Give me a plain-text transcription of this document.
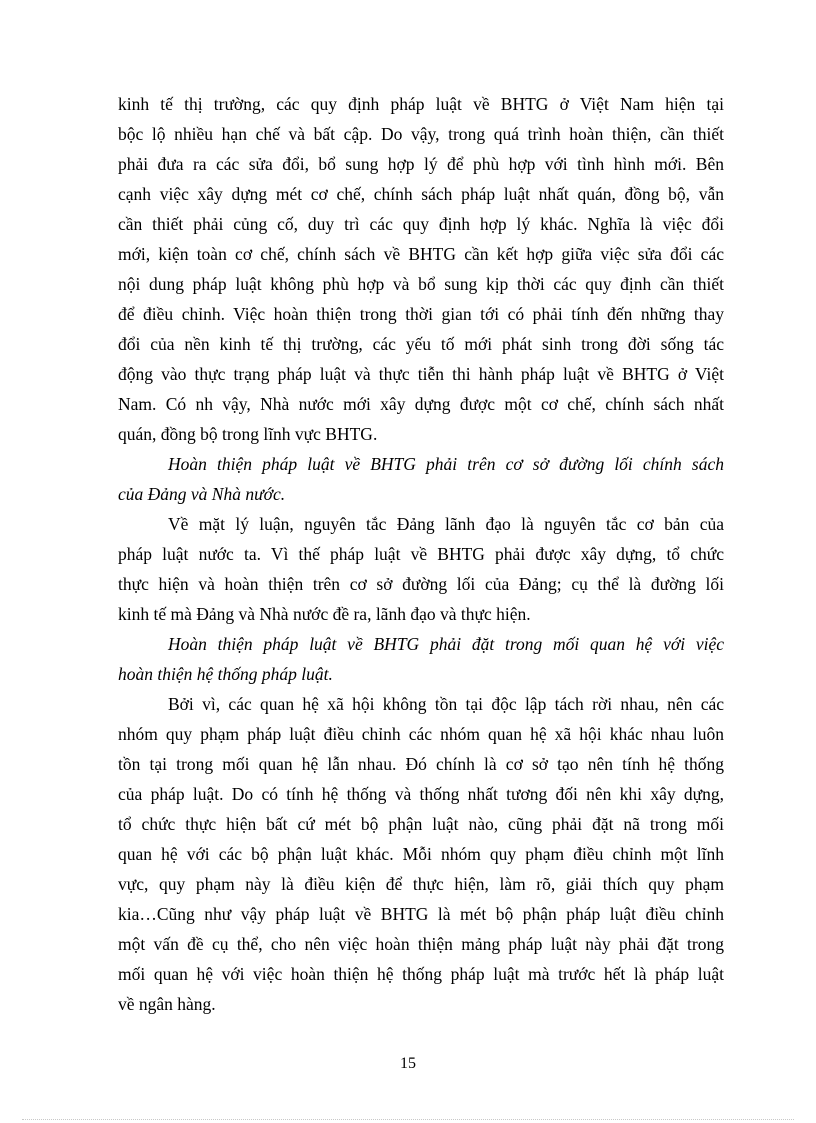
kinh tế thị trường, các quy định pháp luật về BHTG ở Việt Nam hiện tại
bộc lộ nhiều hạn chế và bất cập. Do vậy, trong quá trình hoàn thiện, cần thiết
phải đưa ra các sửa đổi, bổ sung hợp lý để phù hợp với tình hình mới. Bên
cạnh việc xây dựng mét cơ chế, chính sách pháp luật nhất quán, đồng bộ, vẫn
cần thiết phải củng cố, duy trì các quy định hợp lý khác. Nghĩa là việc đổi
mới, kiện toàn cơ chế, chính sách về BHTG cần kết hợp giữa việc sửa đổi các
nội dung pháp luật không phù hợp và bổ sung kịp thời các quy định cần thiết
để điều chỉnh. Việc hoàn thiện trong thời gian tới có phải tính đến những thay
đổi của nền kinh tế thị trường, các yếu tố mới phát sinh trong đời sống tác
động vào thực trạng pháp luật và thực tiễn thi hành pháp luật về BHTG ở Việt
Nam. Có nh vậy, Nhà nước mới xây dựng được một cơ chế, chính sách nhất
quán, đồng bộ trong lĩnh vực BHTG.
Hoàn thiện pháp luật về BHTG phải trên cơ sở đường lối chính sách
của Đảng và Nhà nước.
Về mặt lý luận, nguyên tắc Đảng lãnh đạo là nguyên tắc cơ bản của
pháp luật nước ta. Vì thế pháp luật về BHTG phải được xây dựng, tổ chức
thực hiện và hoàn thiện trên cơ sở đường lối của Đảng; cụ thể là đường lối
kinh tế mà Đảng và Nhà nước đề ra, lãnh đạo và thực hiện.
Hoàn thiện pháp luật về BHTG phải đặt trong mối quan hệ với việc
hoàn thiện hệ thống pháp luật.
Bởi vì, các quan hệ xã hội không tồn tại độc lập tách rời nhau, nên các
nhóm quy phạm pháp luật điều chỉnh các nhóm quan hệ xã hội khác nhau luôn
tồn tại trong mối quan hệ lẫn nhau. Đó chính là cơ sở tạo nên tính hệ thống
của pháp luật. Do có tính hệ thống và thống nhất tương đối nên khi xây dựng,
tổ chức thực hiện bất cứ mét bộ phận luật nào, cũng phải đặt nã trong mối
quan hệ với các bộ phận luật khác. Mỗi nhóm quy phạm điều chỉnh một lĩnh
vực, quy phạm này là điều kiện để thực hiện, làm rõ, giải thích quy phạm
kia…Cũng như vậy pháp luật về BHTG là mét bộ phận pháp luật điều chỉnh
một vấn đề cụ thể, cho nên việc hoàn thiện mảng pháp luật này phải đặt trong
mối quan hệ với việc hoàn thiện hệ thống pháp luật mà trước hết là pháp luật
về ngân hàng.
15
